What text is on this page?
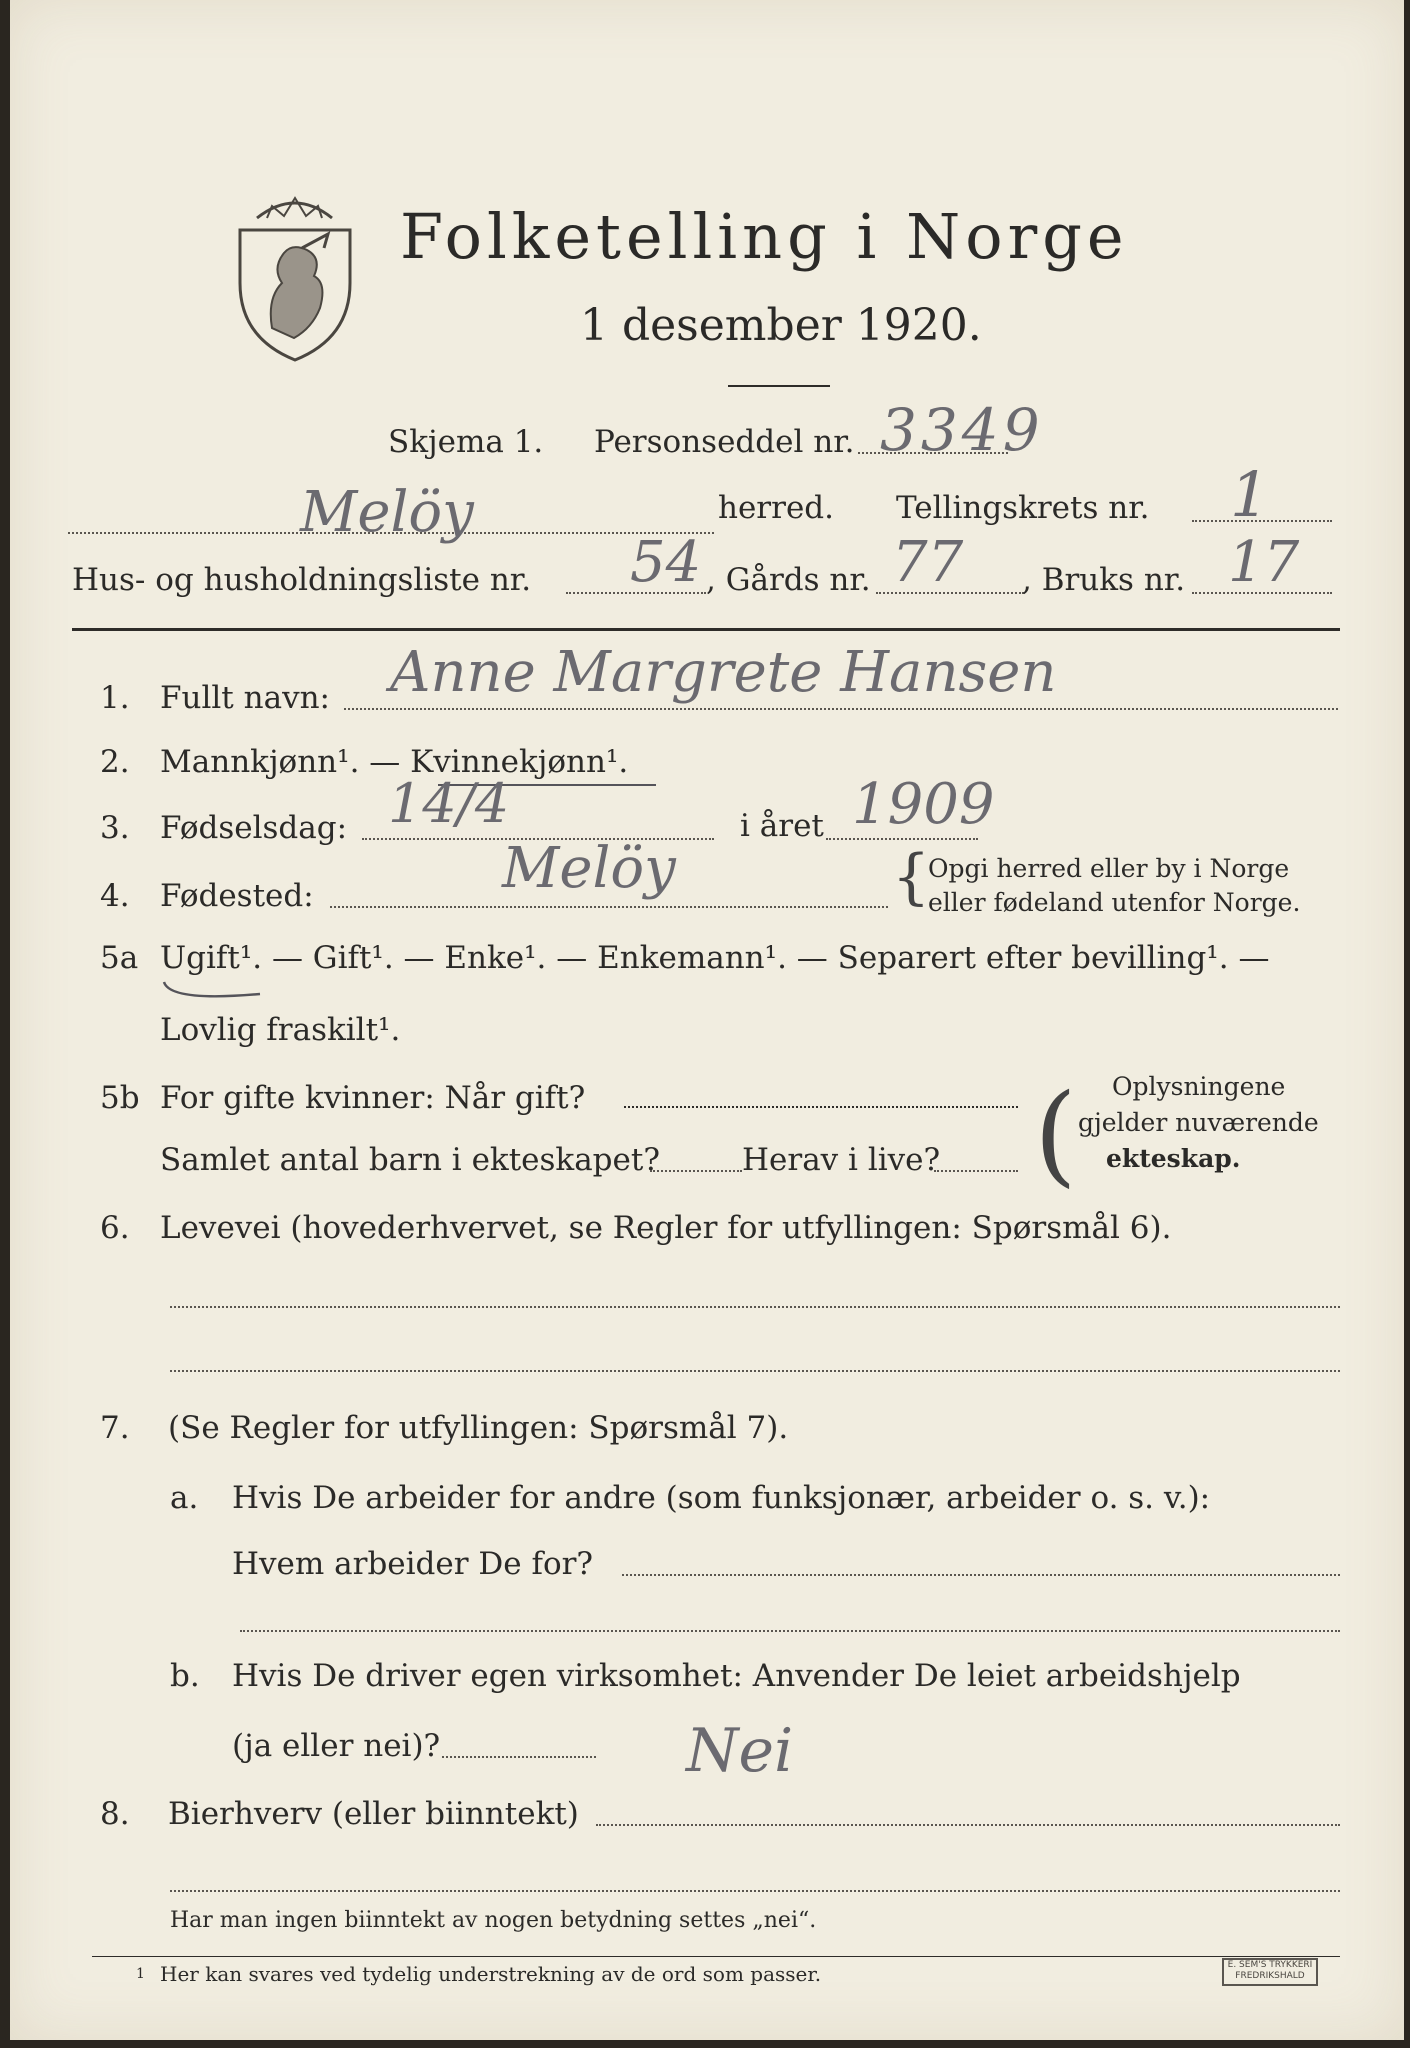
Folketelling i Norge
1 desember 1920.
Skjema 1. Personseddel nr. 3349
Melöy	herred. Tellingskrets nr. 1
Hus- og husholdningsliste nr. 54 , Gårds nr. 77 , Bruks nr. 17
1. Fullt navn: Anne Margrete Hansen
2. Mannkjønn¹. — Kvinnekjønn¹.
3. Fødselsdag: 14/4	i året 1909
4. Fødested:	Melöy	{
Opgi herred eller by i Norge
eller fødeland utenfor Norge.
5a Ugift¹. — Gift¹. — Enke¹. — Enkemann¹. — Separert efter bevilling¹. —
Lovlig fraskilt¹.
5b For gifte kvinner: Når gift?
Samlet antal barn i ekteskapet?	Herav i live? ( Oplysningene
gjelder nuværende
ekteskap.
6. Levevei (hovederhvervet, se Regler for utfyllingen: Spørsmål 6).
7. (Se Regler for utfyllingen: Spørsmål 7).
a. Hvis De arbeider for andre (som funksjonær, arbeider o. s. v.):
Hvem arbeider De for?
b. Hvis De driver egen virksomhet: Anvender De leiet arbeidshjelp
(ja eller nei)?	Nei
8. Bierhverv (eller biinntekt)
Har man ingen biinntekt av nogen betydning settes „nei“.
1 Her kan svares ved tydelig understrekning av de ord som passer.	E. SEM'S TRYKKERI FREDRIKSHALD
